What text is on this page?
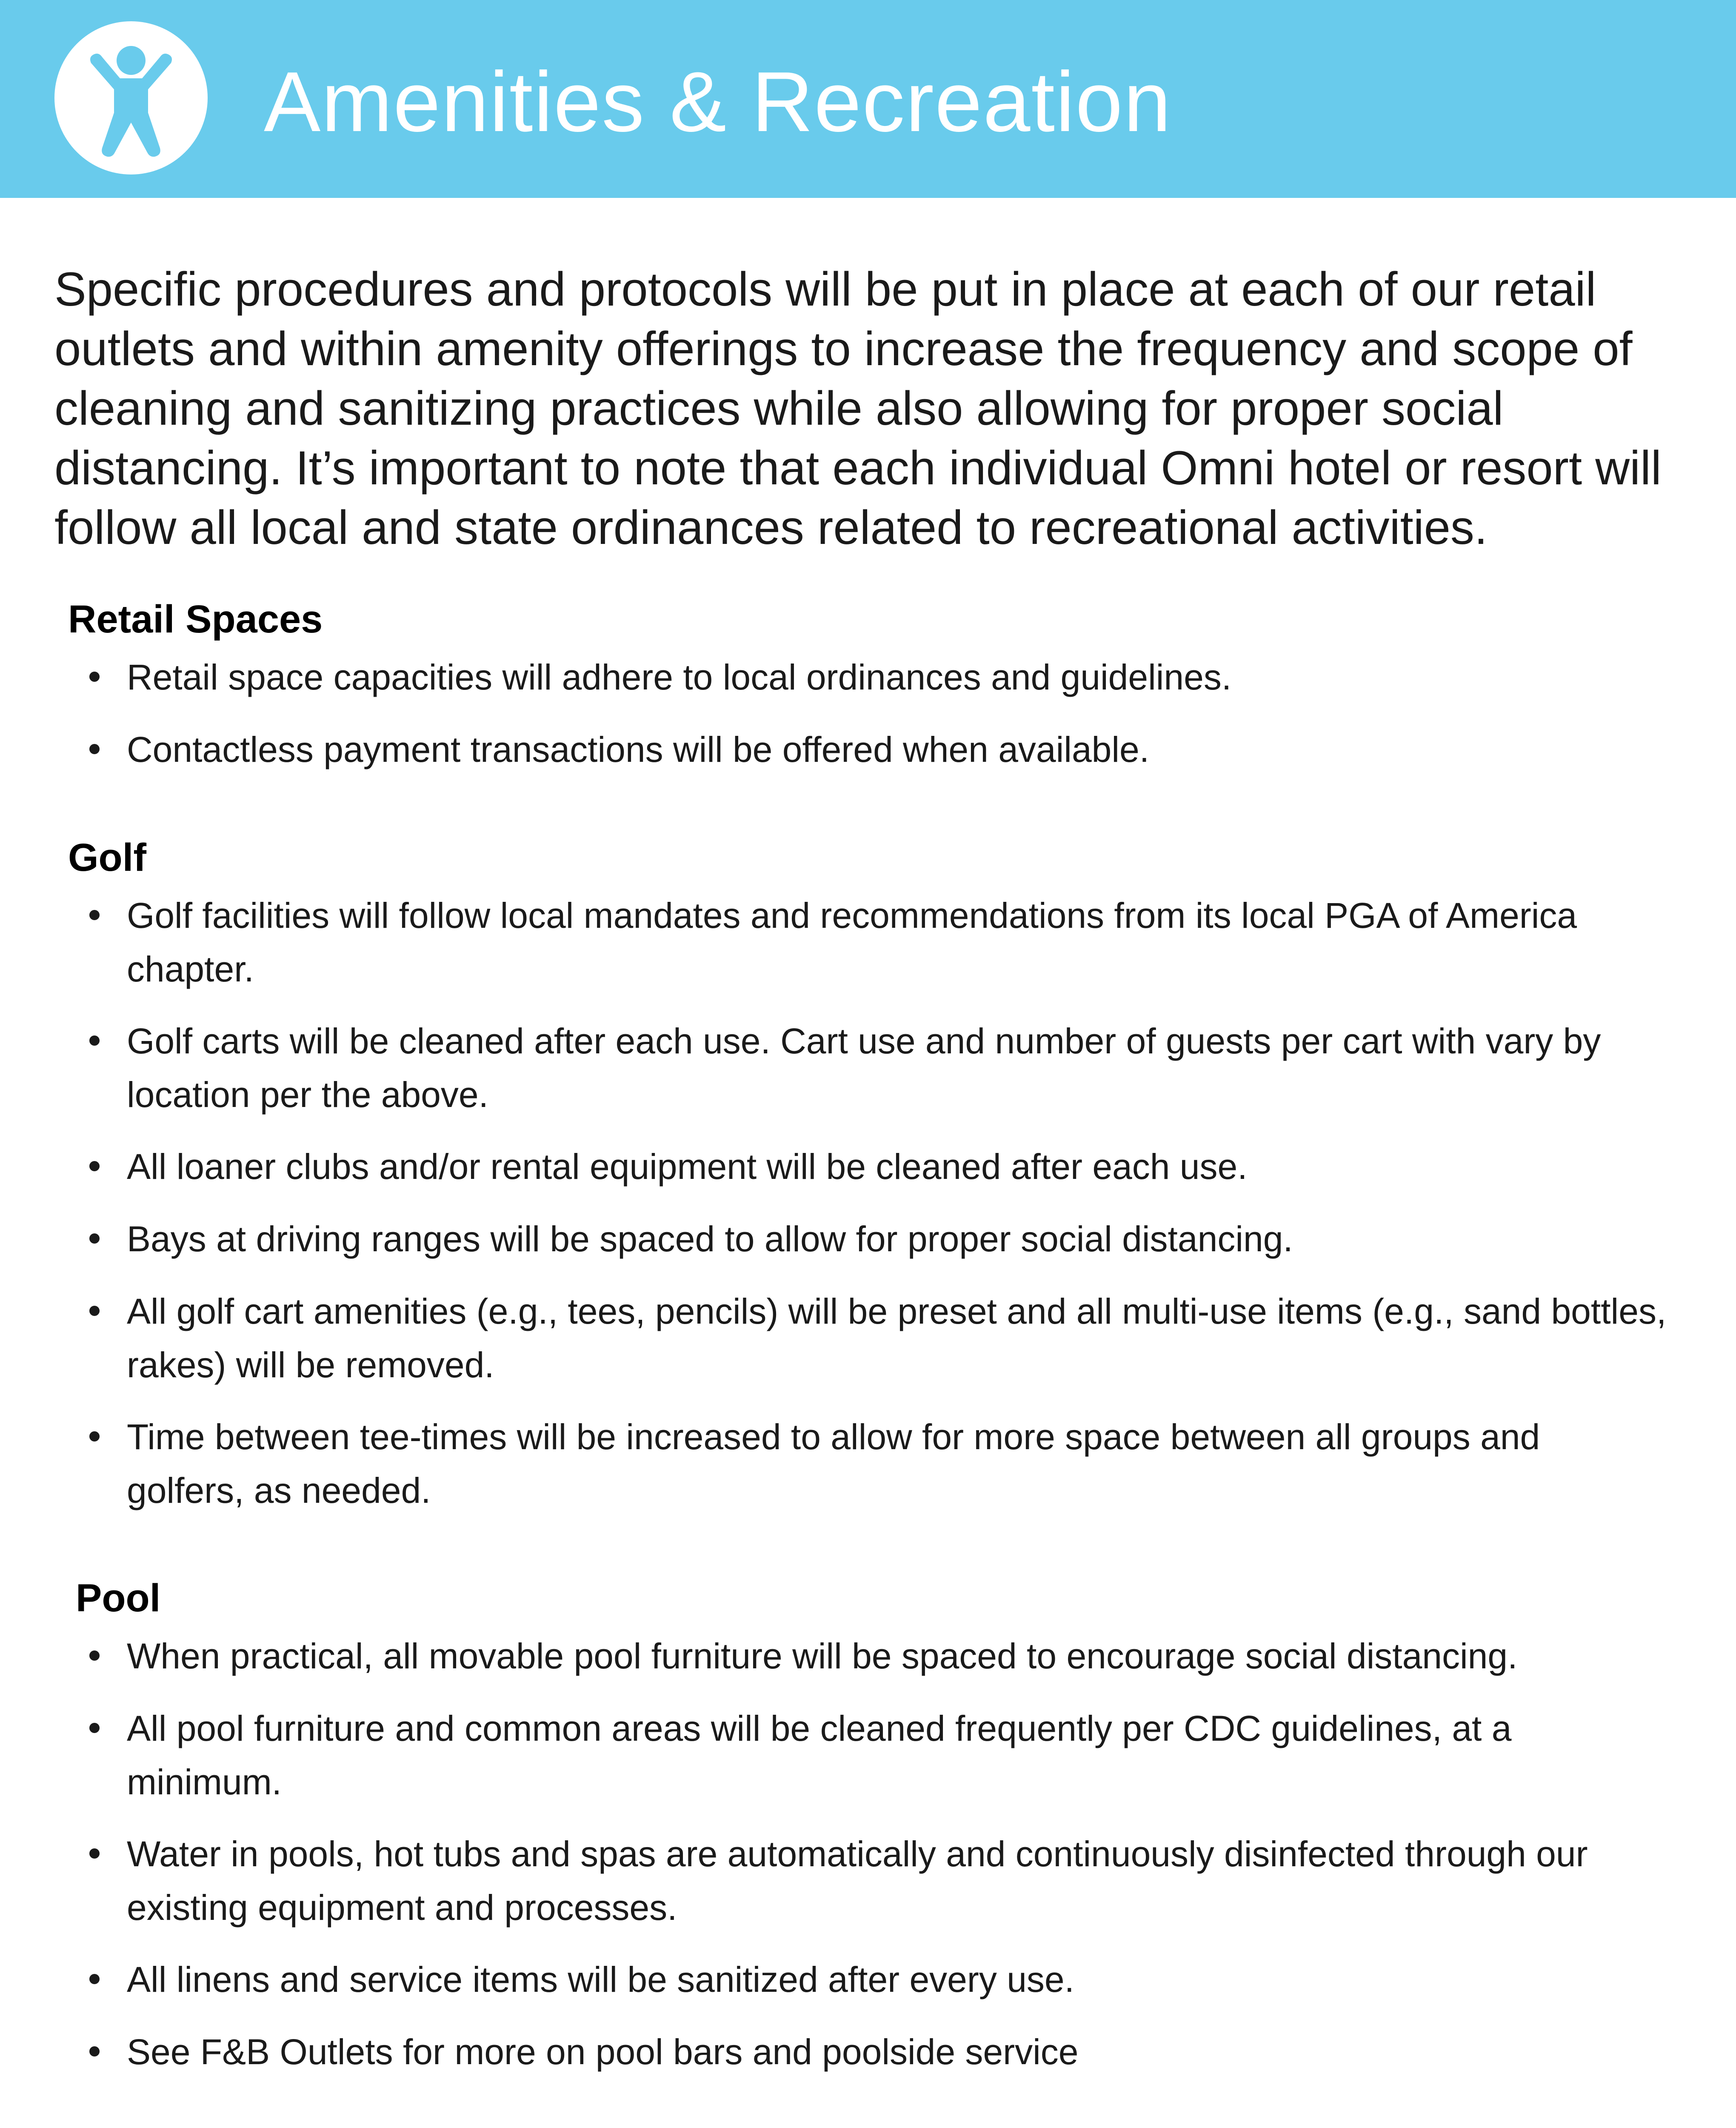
Amenities & Recreation

Specific procedures and protocols will be put in place at each of our retail outlets and within amenity offerings to increase the frequency and scope of cleaning and sanitizing practices while also allowing for proper social distancing. It’s important to note that each individual Omni hotel or resort will follow all local and state ordinances related to recreational activities.

Retail Spaces
Retail space capacities will adhere to local ordinances and guidelines.
Contactless payment transactions will be offered when available.
Golf
Golf facilities will follow local mandates and recommendations from its local PGA of America chapter.
Golf carts will be cleaned after each use. Cart use and number of guests per cart with vary by location per the above.
All loaner clubs and/or rental equipment will be cleaned after each use.
Bays at driving ranges will be spaced to allow for proper social distancing.
All golf cart amenities (e.g., tees, pencils) will be preset and all multi-use items (e.g., sand bottles, rakes) will be removed.
Time between tee-times will be increased to allow for more space between all groups and golfers, as needed.
Pool
When practical, all movable pool furniture will be spaced to encourage social distancing.
All pool furniture and common areas will be cleaned frequently per CDC guidelines, at a minimum.
Water in pools, hot tubs and spas are automatically and continuously disinfected through our existing equipment and processes.
All linens and service items will be sanitized after every use.
See F&B Outlets for more on pool bars and poolside service
